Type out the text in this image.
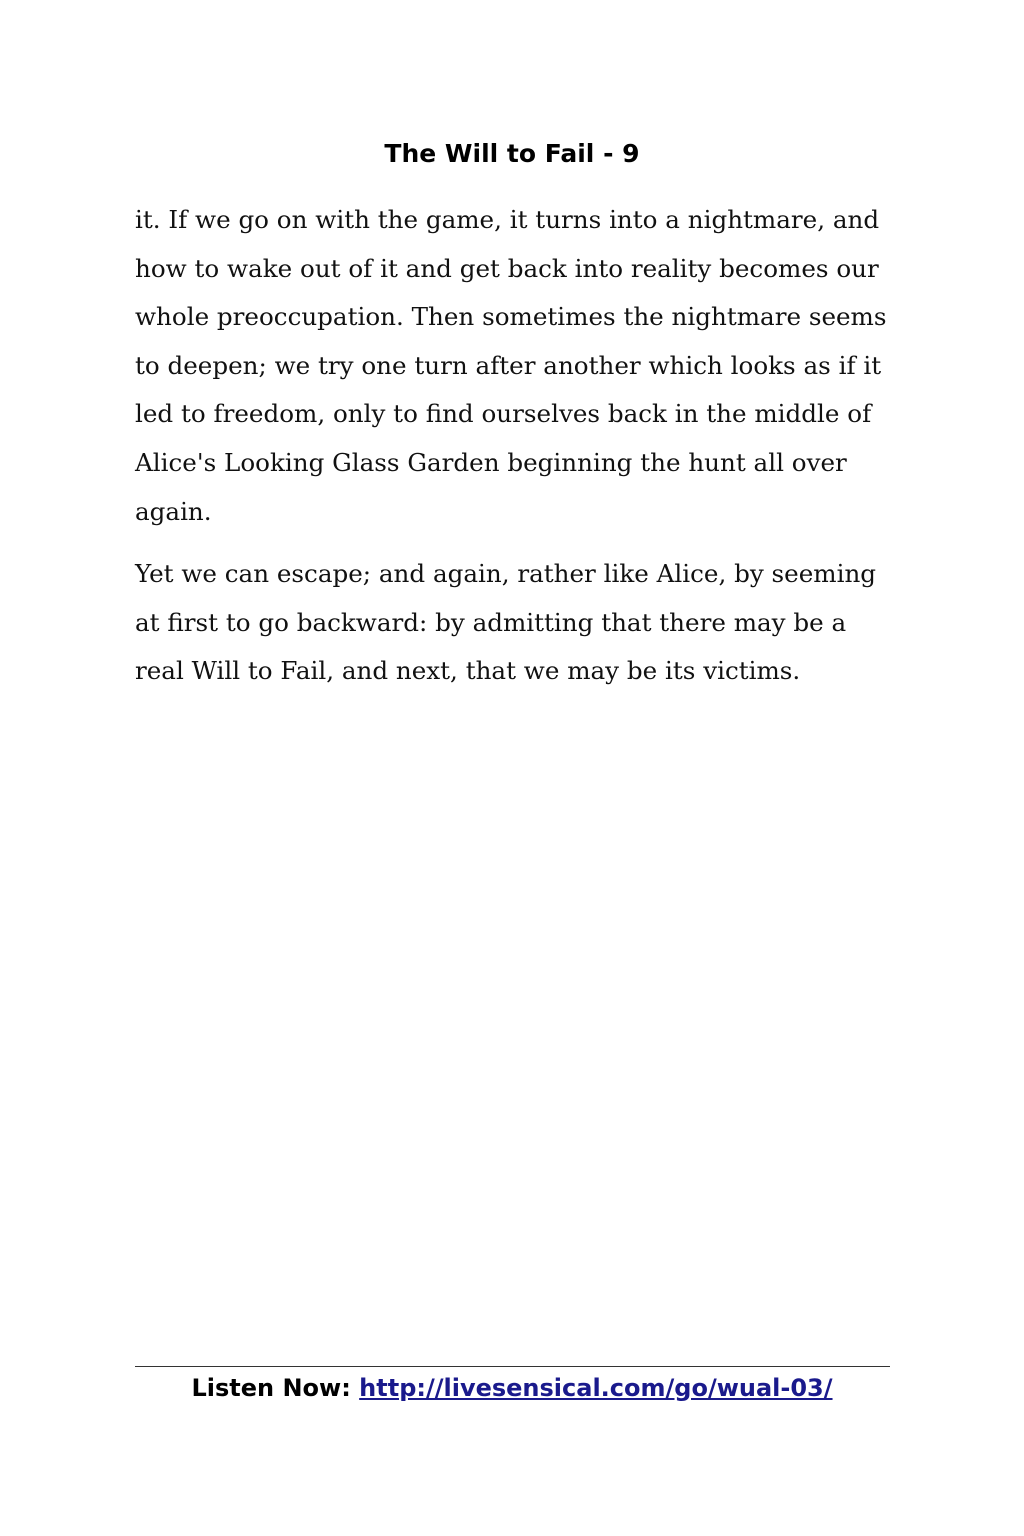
The Will to Fail - 9

it. If we go on with the game, it turns into a nightmare, and
how to wake out of it and get back into reality becomes our
whole preoccupation. Then sometimes the nightmare seems
to deepen; we try one turn after another which looks as if it
led to freedom, only to find ourselves back in the middle of
Alice's Looking Glass Garden beginning the hunt all over
again.

Yet we can escape; and again, rather like Alice, by seeming
at first to go backward: by admitting that there may be a
real Will to Fail, and next, that we may be its victims.

Listen Now: http://livesensical.com/go/wual-03/
